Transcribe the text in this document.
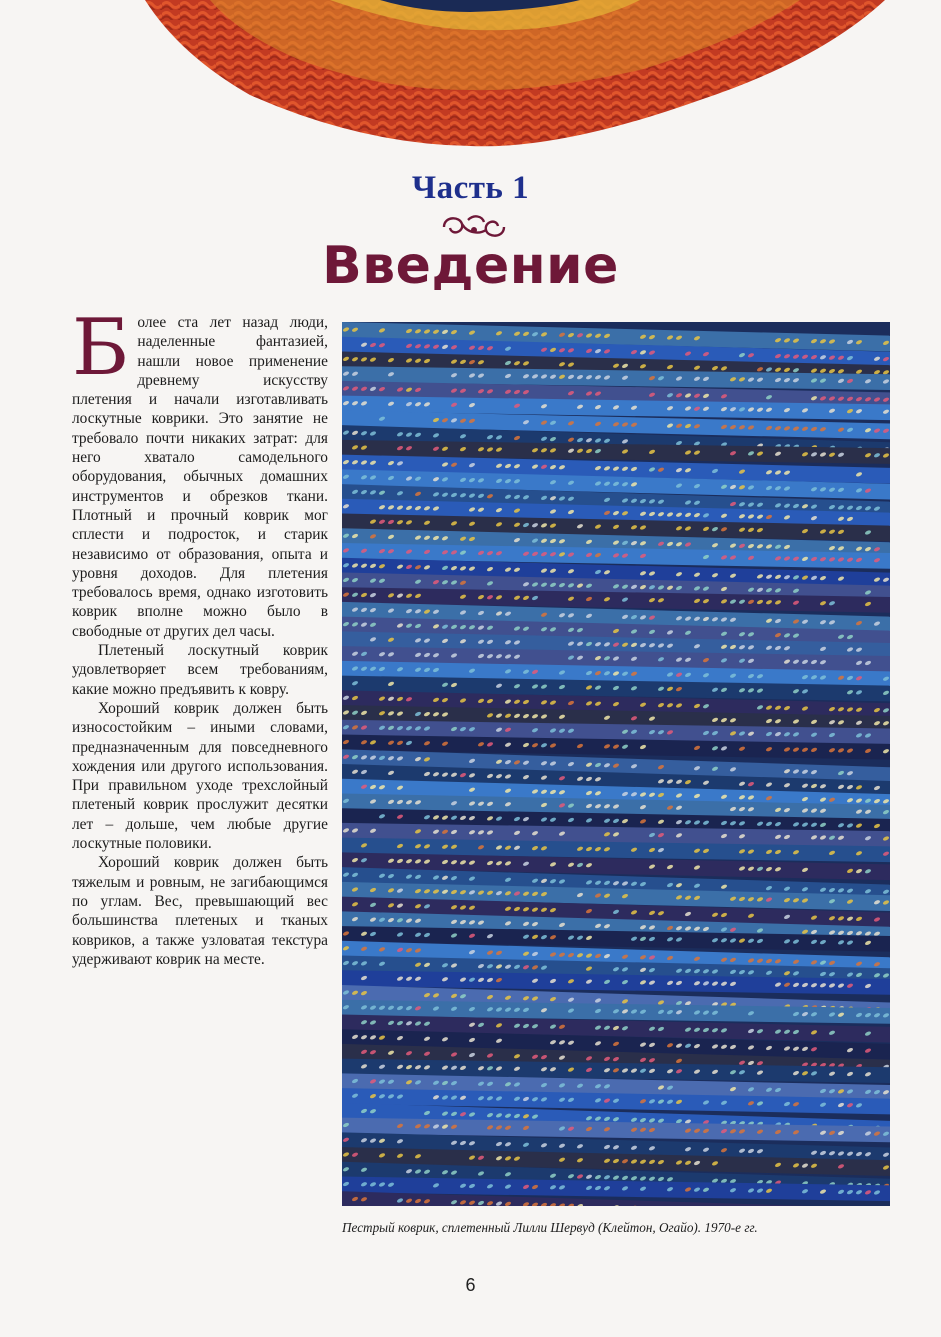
Часть 1
Введение

Более ста лет назад люди, наделенные фантазией, нашли новое применение древнему искусству плетения и начали изготавливать лоскутные коврики. Это занятие не требовало почти никаких затрат: для него хватало самодельного оборудования, обычных домашних инструментов и обрезков ткани. Плотный и прочный коврик мог сплести и подросток, и старик независимо от образования, опыта и уровня доходов. Для плетения требовалось время, однако изготовить коврик вполне можно было в свободные от других дел часы.

Плетеный лоскутный коврик удовлетворяет всем требованиям, какие можно предъявить к ковру.

Хороший коврик должен быть износостойким – иными словами, предназначенным для повседневного хождения или другого использования. При правильном уходе трехслойный плетеный коврик прослужит десятки лет – дольше, чем любые другие лоскутные половики.

Хороший коврик должен быть тяжелым и ровным, не загибающимся по углам. Вес, превышающий вес большинства плетеных и тканых ковриков, а также узловатая текстура удерживают коврик на месте.

Пестрый коврик, сплетенный Лилли Шервуд (Клейтон, Огайо). 1970-е гг.
6
